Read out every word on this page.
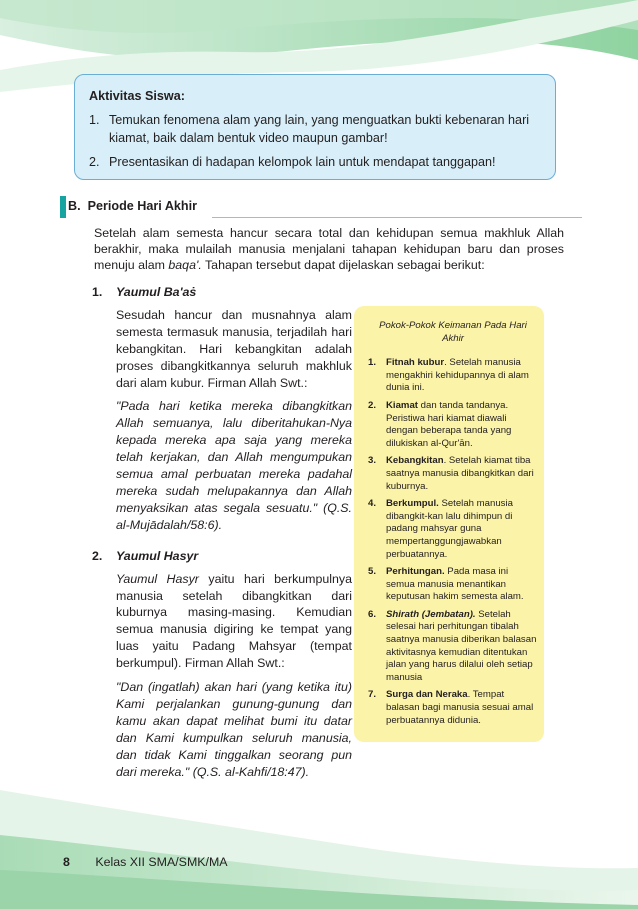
Aktivitas Siswa:
1. Temukan fenomena alam yang lain, yang menguatkan bukti kebenaran hari kiamat, baik dalam bentuk video maupun gambar!
2. Presentasikan di hadapan kelompok lain untuk mendapat tanggapan!
B. Periode Hari Akhir
Setelah alam semesta hancur secara total dan kehidupan semua makhluk Allah berakhir, maka mulailah manusia menjalani tahapan kehidupan baru dan proses menuju alam baqa'. Tahapan tersebut dapat dijelaskan sebagai berikut:
1.	Yaumul Ba'aṡ
Sesudah hancur dan musnahnya alam semesta termasuk manusia, terjadilah hari kebangkitan. Hari kebangkitan adalah proses dibangkitkannya seluruh makhluk dari alam kubur. Firman Allah Swt.:
"Pada hari ketika mereka dibangkitkan Allah semuanya, lalu diberitahukan-Nya kepada mereka apa saja yang mereka telah kerjakan, dan Allah mengumpukan semua amal perbuatan mereka padahal mereka sudah melupakannya dan Allah menyaksikan atas segala sesuatu." (Q.S. al-Mujādalah/58:6).
2.	Yaumul Hasyr
Yaumul Hasyr yaitu hari berkumpulnya manusia setelah dibangkitkan dari kuburnya masing-masing. Kemudian semua manusia digiring ke tempat yang luas yaitu Padang Mahsyar (tempat berkumpul). Firman Allah Swt.:
"Dan (ingatlah) akan hari (yang ketika itu) Kami perjalankan gunung-gunung dan kamu akan dapat melihat bumi itu datar dan Kami kumpulkan seluruh manusia, dan tidak Kami tinggalkan seorang pun dari mereka." (Q.S. al-Kahfi/18:47).
Pokok-Pokok Keimanan Pada Hari Akhir
1.	Fitnah kubur. Setelah manusia mengakhiri kehidupannya di alam dunia ini.
2.	Kiamat dan tanda tandanya. Peristiwa hari kiamat diawali dengan beberapa tanda yang dilukiskan al-Qur'ān.
3.	Kebangkitan. Setelah kiamat tiba saatnya manusia dibangkitkan dari kuburnya.
4.	Berkumpul. Setelah manusia dibangkit-kan lalu dihimpun di padang mahsyar guna mempertanggungjawabkan perbuatannya.
5.	Perhitungan. Pada masa ini semua manusia menantikan keputusan hakim semesta alam.
6.	Shirath (Jembatan). Setelah selesai hari perhitungan tibalah saatnya manusia diberikan balasan aktivitasnya kemudian ditentukan jalan yang harus dilalui oleh setiap manusia
7.	Surga dan Neraka. Tempat balasan bagi manusia sesuai amal perbuatannya didunia.
8 Kelas XII SMA/SMK/MA
